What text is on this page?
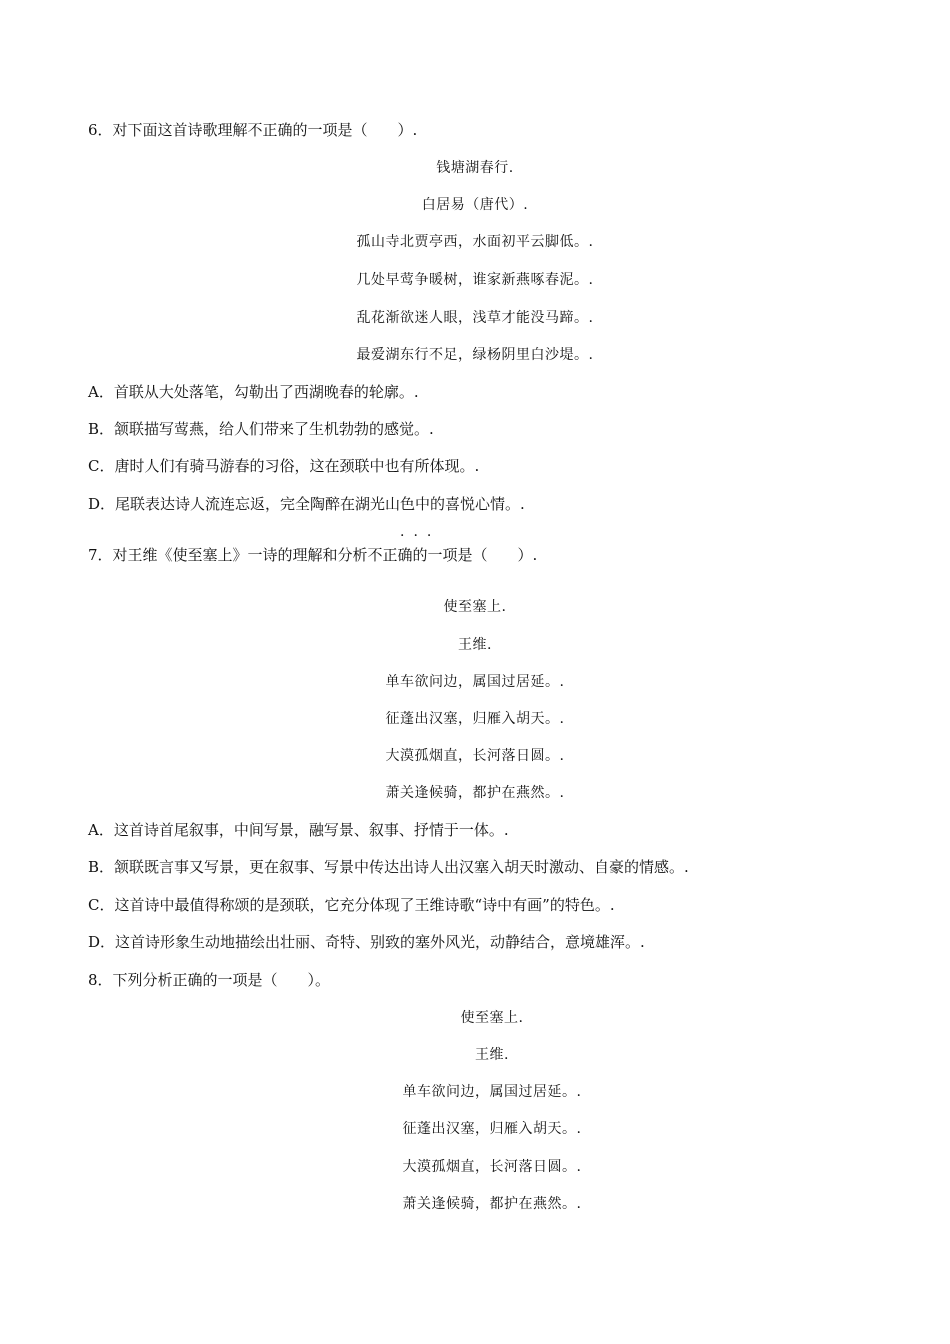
6．对下面这首诗歌理解不正确的一项是（　　）.
钱塘湖春行.
白居易（唐代）.
孤山寺北贾亭西，水面初平云脚低。.
几处早莺争暖树，谁家新燕啄春泥。.
乱花渐欲迷人眼，浅草才能没马蹄。.
最爱湖东行不足，绿杨阴里白沙堤。.
A．首联从大处落笔，勾勒出了西湖晚春的轮廓。.
B．颔联描写莺燕，给人们带来了生机勃勃的感觉。.
C．唐时人们有骑马游春的习俗，这在颈联中也有所体现。.
D．尾联表达诗人流连忘返，完全陶醉在湖光山色中的喜悦心情。.
···
7．对王维《使至塞上》一诗的理解和分析不正确的一项是（　　）.
使至塞上.
王维.
单车欲问边，属国过居延。.
征蓬出汉塞，归雁入胡天。.
大漠孤烟直，长河落日圆。.
萧关逢候骑，都护在燕然。.
A．这首诗首尾叙事，中间写景，融写景、叙事、抒情于一体。.
B．颔联既言事又写景，更在叙事、写景中传达出诗人出汉塞入胡天时激动、自豪的情感。.
C．这首诗中最值得称颂的是颈联，它充分体现了王维诗歌“诗中有画”的特色。.
D．这首诗形象生动地描绘出壮丽、奇特、别致的塞外风光，动静结合，意境雄浑。.
8．下列分析正确的一项是（　　）。
使至塞上.
王维.
单车欲问边，属国过居延。.
征蓬出汉塞，归雁入胡天。.
大漠孤烟直，长河落日圆。.
萧关逢候骑，都护在燕然。.
